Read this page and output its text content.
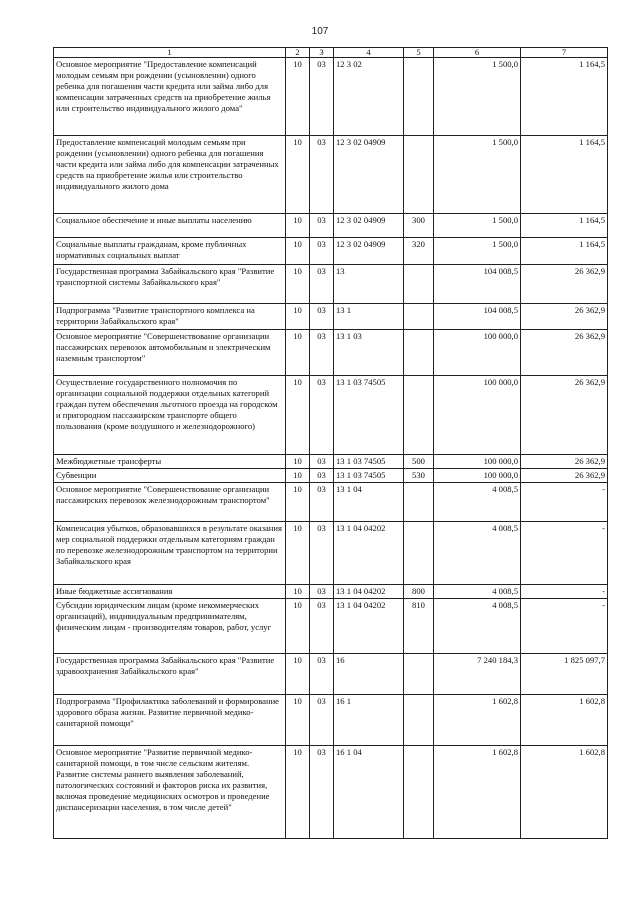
107
1	2	3	4	5	6	7
Основное мероприятие "Предоставление компенсаций молодым семьям при рождении (усыновлении) одного ребенка для погашения части кредита или займа либо для компенсации затраченных средств на приобретение жилья или строительство индивидуального жилого дома"	10	03	12 3 02		1 500,0	1 164,5
Предоставление компенсаций молодым семьям при рождении (усыновлении) одного ребенка для погашения части кредита или займа либо для компенсации затраченных средств на приобретение жилья или строительство индивидуального жилого дома	10	03	12 3 02 04909		1 500,0	1 164,5
Социальное обеспечение и иные выплаты населению	10	03	12 3 02 04909	300	1 500,0	1 164,5
Социальные выплаты гражданам, кроме публичных нормативных социальных выплат	10	03	12 3 02 04909	320	1 500,0	1 164,5
Государственная программа Забайкальского края "Развитие транспортной системы Забайкальского края"	10	03	13		104 008,5	26 362,9
Подпрограмма "Развитие транспортного комплекса на территории Забайкальского края"	10	03	13 1		104 008,5	26 362,9
Основное мероприятие "Совершенствование организации пассажирских перевозок автомобильным и электрическим наземным транспортом"	10	03	13 1 03		100 000,0	26 362,9
Осуществление государственного полномочия по организации социальной поддержки отдельных категорий граждан путем обеспечения льготного проезда на городском и пригородном пассажирском транспорте общего пользования (кроме воздушного и железнодорожного)	10	03	13 1 03 74505		100 000,0	26 362,9
Межбюджетные трансферты	10	03	13 1 03 74505	500	100 000,0	26 362,9
Субвенции	10	03	13 1 03 74505	530	100 000,0	26 362,9
Основное мероприятие "Совершенствование организации пассажирских перевозок железнодорожным транспортом"	10	03	13 1 04		4 008,5	-
Компенсация убытков, образовавшихся в результате оказания мер социальной поддержки отдельным категориям граждан по перевозке железнодорожным транспортом на территории Забайкальского края	10	03	13 1 04 04202		4 008,5	-
Иные бюджетные ассигнования	10	03	13 1 04 04202	800	4 008,5	-
Субсидии юридическим лицам (кроме некоммерческих организаций), индивидуальным предпринимателям, физическим лицам - производителям товаров, работ, услуг	10	03	13 1 04 04202	810	4 008,5	-
Государственная программа Забайкальского края "Развитие здравоохранения Забайкальского края"	10	03	16		7 240 184,3	1 825 097,7
Подпрограмма "Профилактика заболеваний и формирование здорового образа жизни. Развитие первичной медико-санитарной помощи"	10	03	16 1		1 602,8	1 602,8
Основное мероприятие "Развитие первичной медико-санитарной помощи, в том числе сельским жителям. Развитие системы раннего выявления заболеваний, патологических состояний и факторов риска их развития, включая проведение медицинских осмотров и проведение диспансеризации населения, в том числе детей"	10	03	16 1 04		1 602,8	1 602,8
